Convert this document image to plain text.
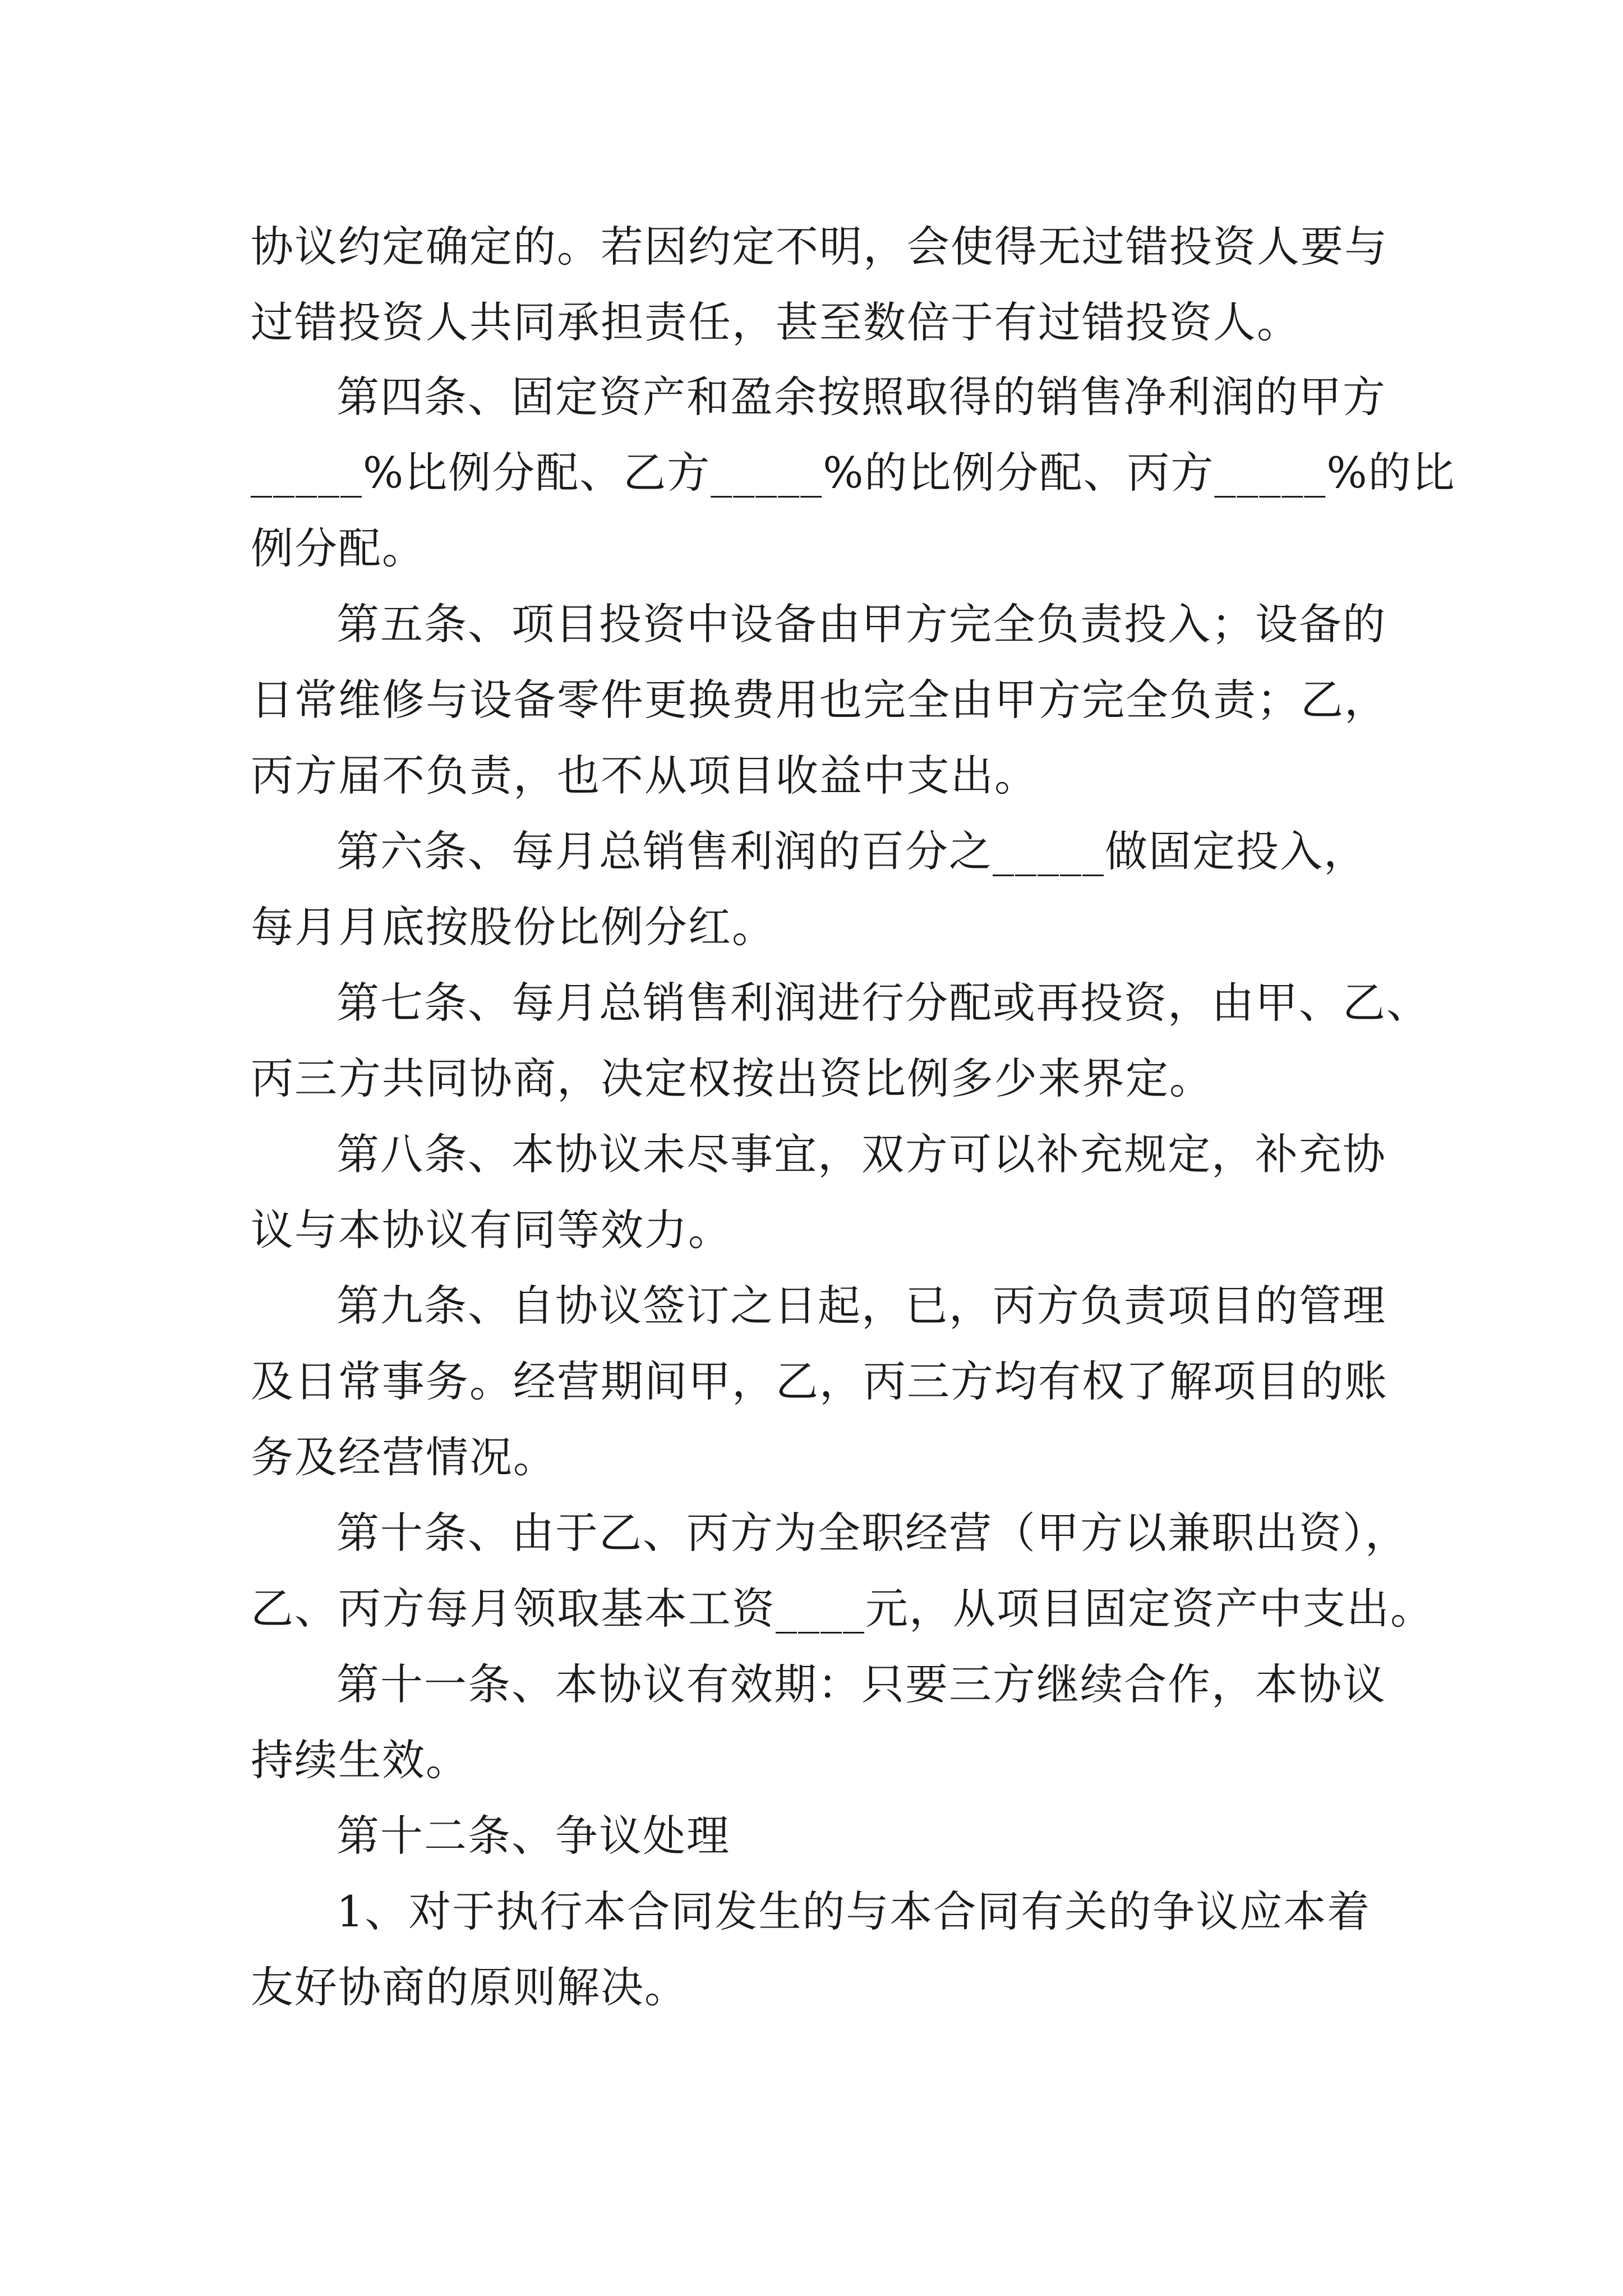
协议约定确定的。若因约定不明，会使得无过错投资人要与

过错投资人共同承担责任，甚至数倍于有过错投资人。

第四条、固定资产和盈余按照取得的销售净利润的甲方

_____%比例分配、乙方_____%的比例分配、丙方_____%的比

例分配。

第五条、项目投资中设备由甲方完全负责投入；设备的

日常维修与设备零件更换费用也完全由甲方完全负责；乙，

丙方届不负责，也不从项目收益中支出。

第六条、每月总销售利润的百分之_____做固定投入，

每月月底按股份比例分红。

第七条、每月总销售利润进行分配或再投资，由甲、乙、

丙三方共同协商，决定权按出资比例多少来界定。

第八条、本协议未尽事宜，双方可以补充规定，补充协

议与本协议有同等效力。

第九条、自协议签订之日起，已，丙方负责项目的管理

及日常事务。经营期间甲，乙，丙三方均有权了解项目的账

务及经营情况。

第十条、由于乙、丙方为全职经营（甲方以兼职出资），

乙、丙方每月领取基本工资____元，从项目固定资产中支出。

第十一条、本协议有效期：只要三方继续合作，本协议

持续生效。

第十二条、争议处理

1、对于执行本合同发生的与本合同有关的争议应本着

友好协商的原则解决。
